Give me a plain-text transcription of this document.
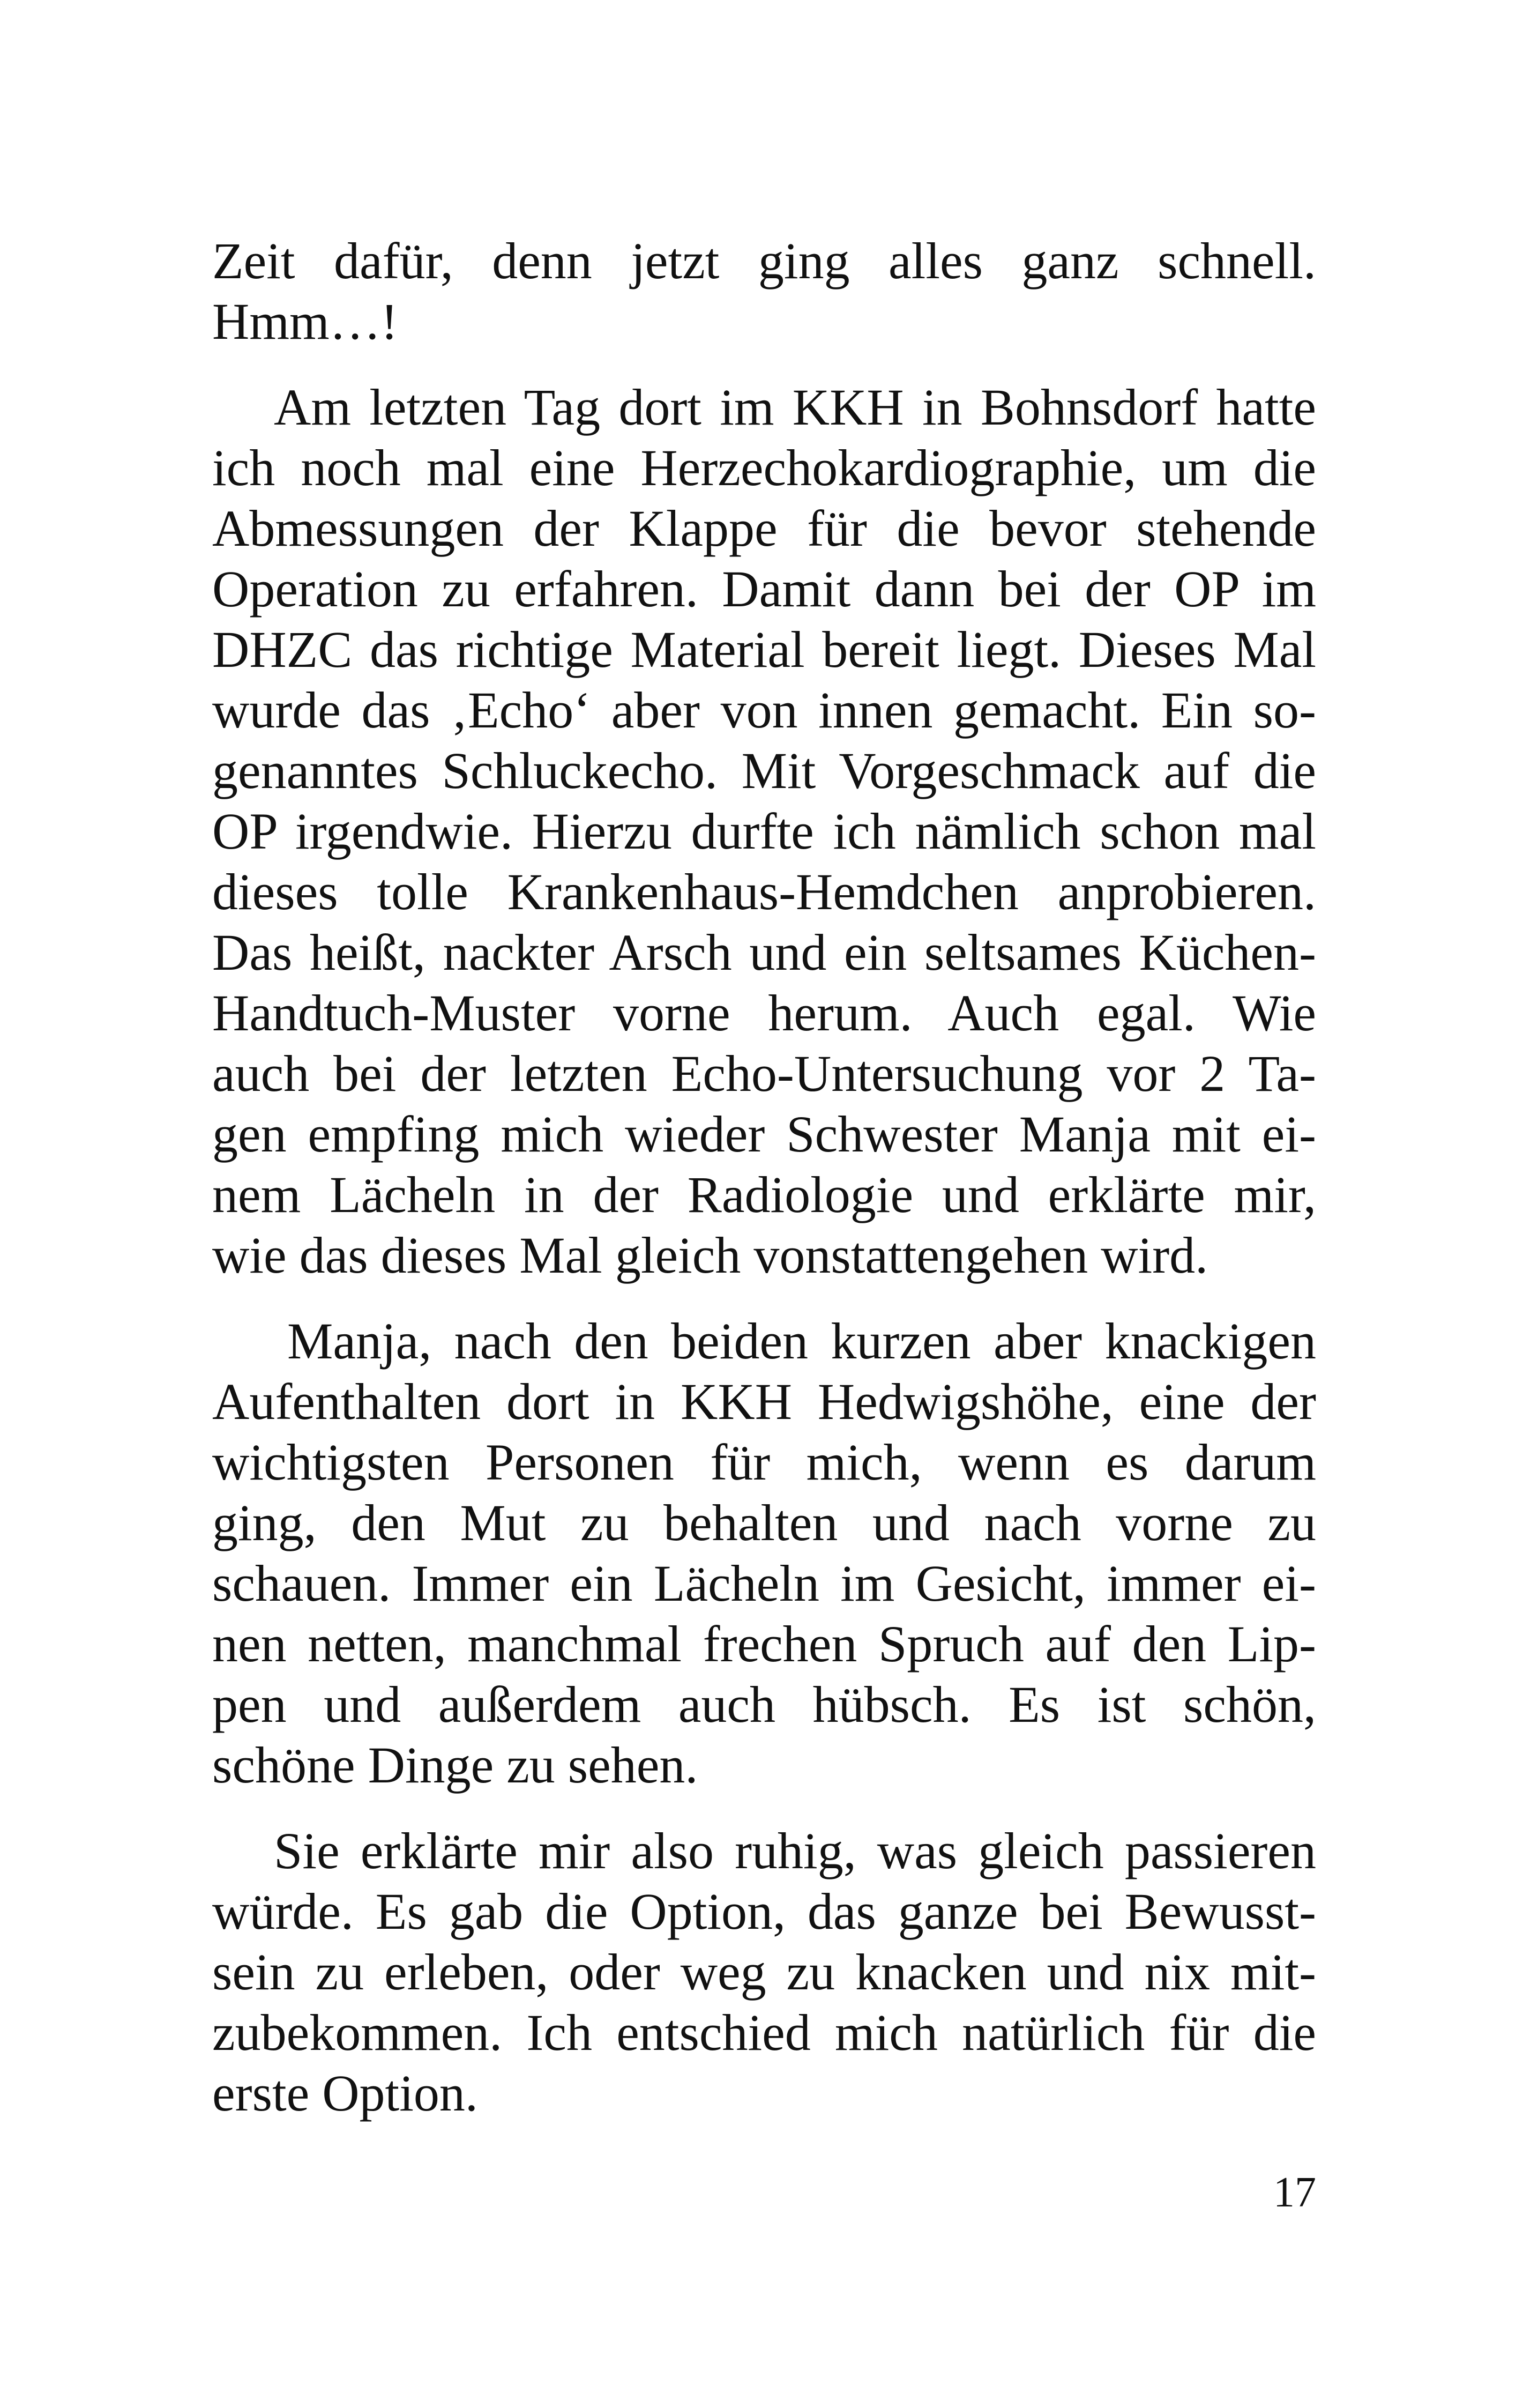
Zeit dafür, denn jetzt ging alles ganz schnell.
Hmm…!
Am letzten Tag dort im KKH in Bohnsdorf hatte
ich noch mal eine Herzechokardiographie, um die
Abmessungen der Klappe für die bevor stehende
Operation zu erfahren. Damit dann bei der OP im
DHZC das richtige Material bereit liegt. Dieses Mal
wurde das ‚Echo‘ aber von innen gemacht. Ein so-
genanntes Schluckecho. Mit Vorgeschmack auf die
OP irgendwie. Hierzu durfte ich nämlich schon mal
dieses tolle Krankenhaus-Hemdchen anprobieren.
Das heißt, nackter Arsch und ein seltsames Küchen-
Handtuch-Muster vorne herum. Auch egal. Wie
auch bei der letzten Echo-Untersuchung vor 2 Ta-
gen empfing mich wieder Schwester Manja mit ei-
nem Lächeln in der Radiologie und erklärte mir,
wie das dieses Mal gleich vonstattengehen wird.
Manja, nach den beiden kurzen aber knackigen
Aufenthalten dort in KKH Hedwigshöhe, eine der
wichtigsten Personen für mich, wenn es darum
ging, den Mut zu behalten und nach vorne zu
schauen. Immer ein Lächeln im Gesicht, immer ei-
nen netten, manchmal frechen Spruch auf den Lip-
pen und außerdem auch hübsch. Es ist schön,
schöne Dinge zu sehen.
Sie erklärte mir also ruhig, was gleich passieren
würde. Es gab die Option, das ganze bei Bewusst-
sein zu erleben, oder weg zu knacken und nix mit-
zubekommen. Ich entschied mich natürlich für die
erste Option.
17
